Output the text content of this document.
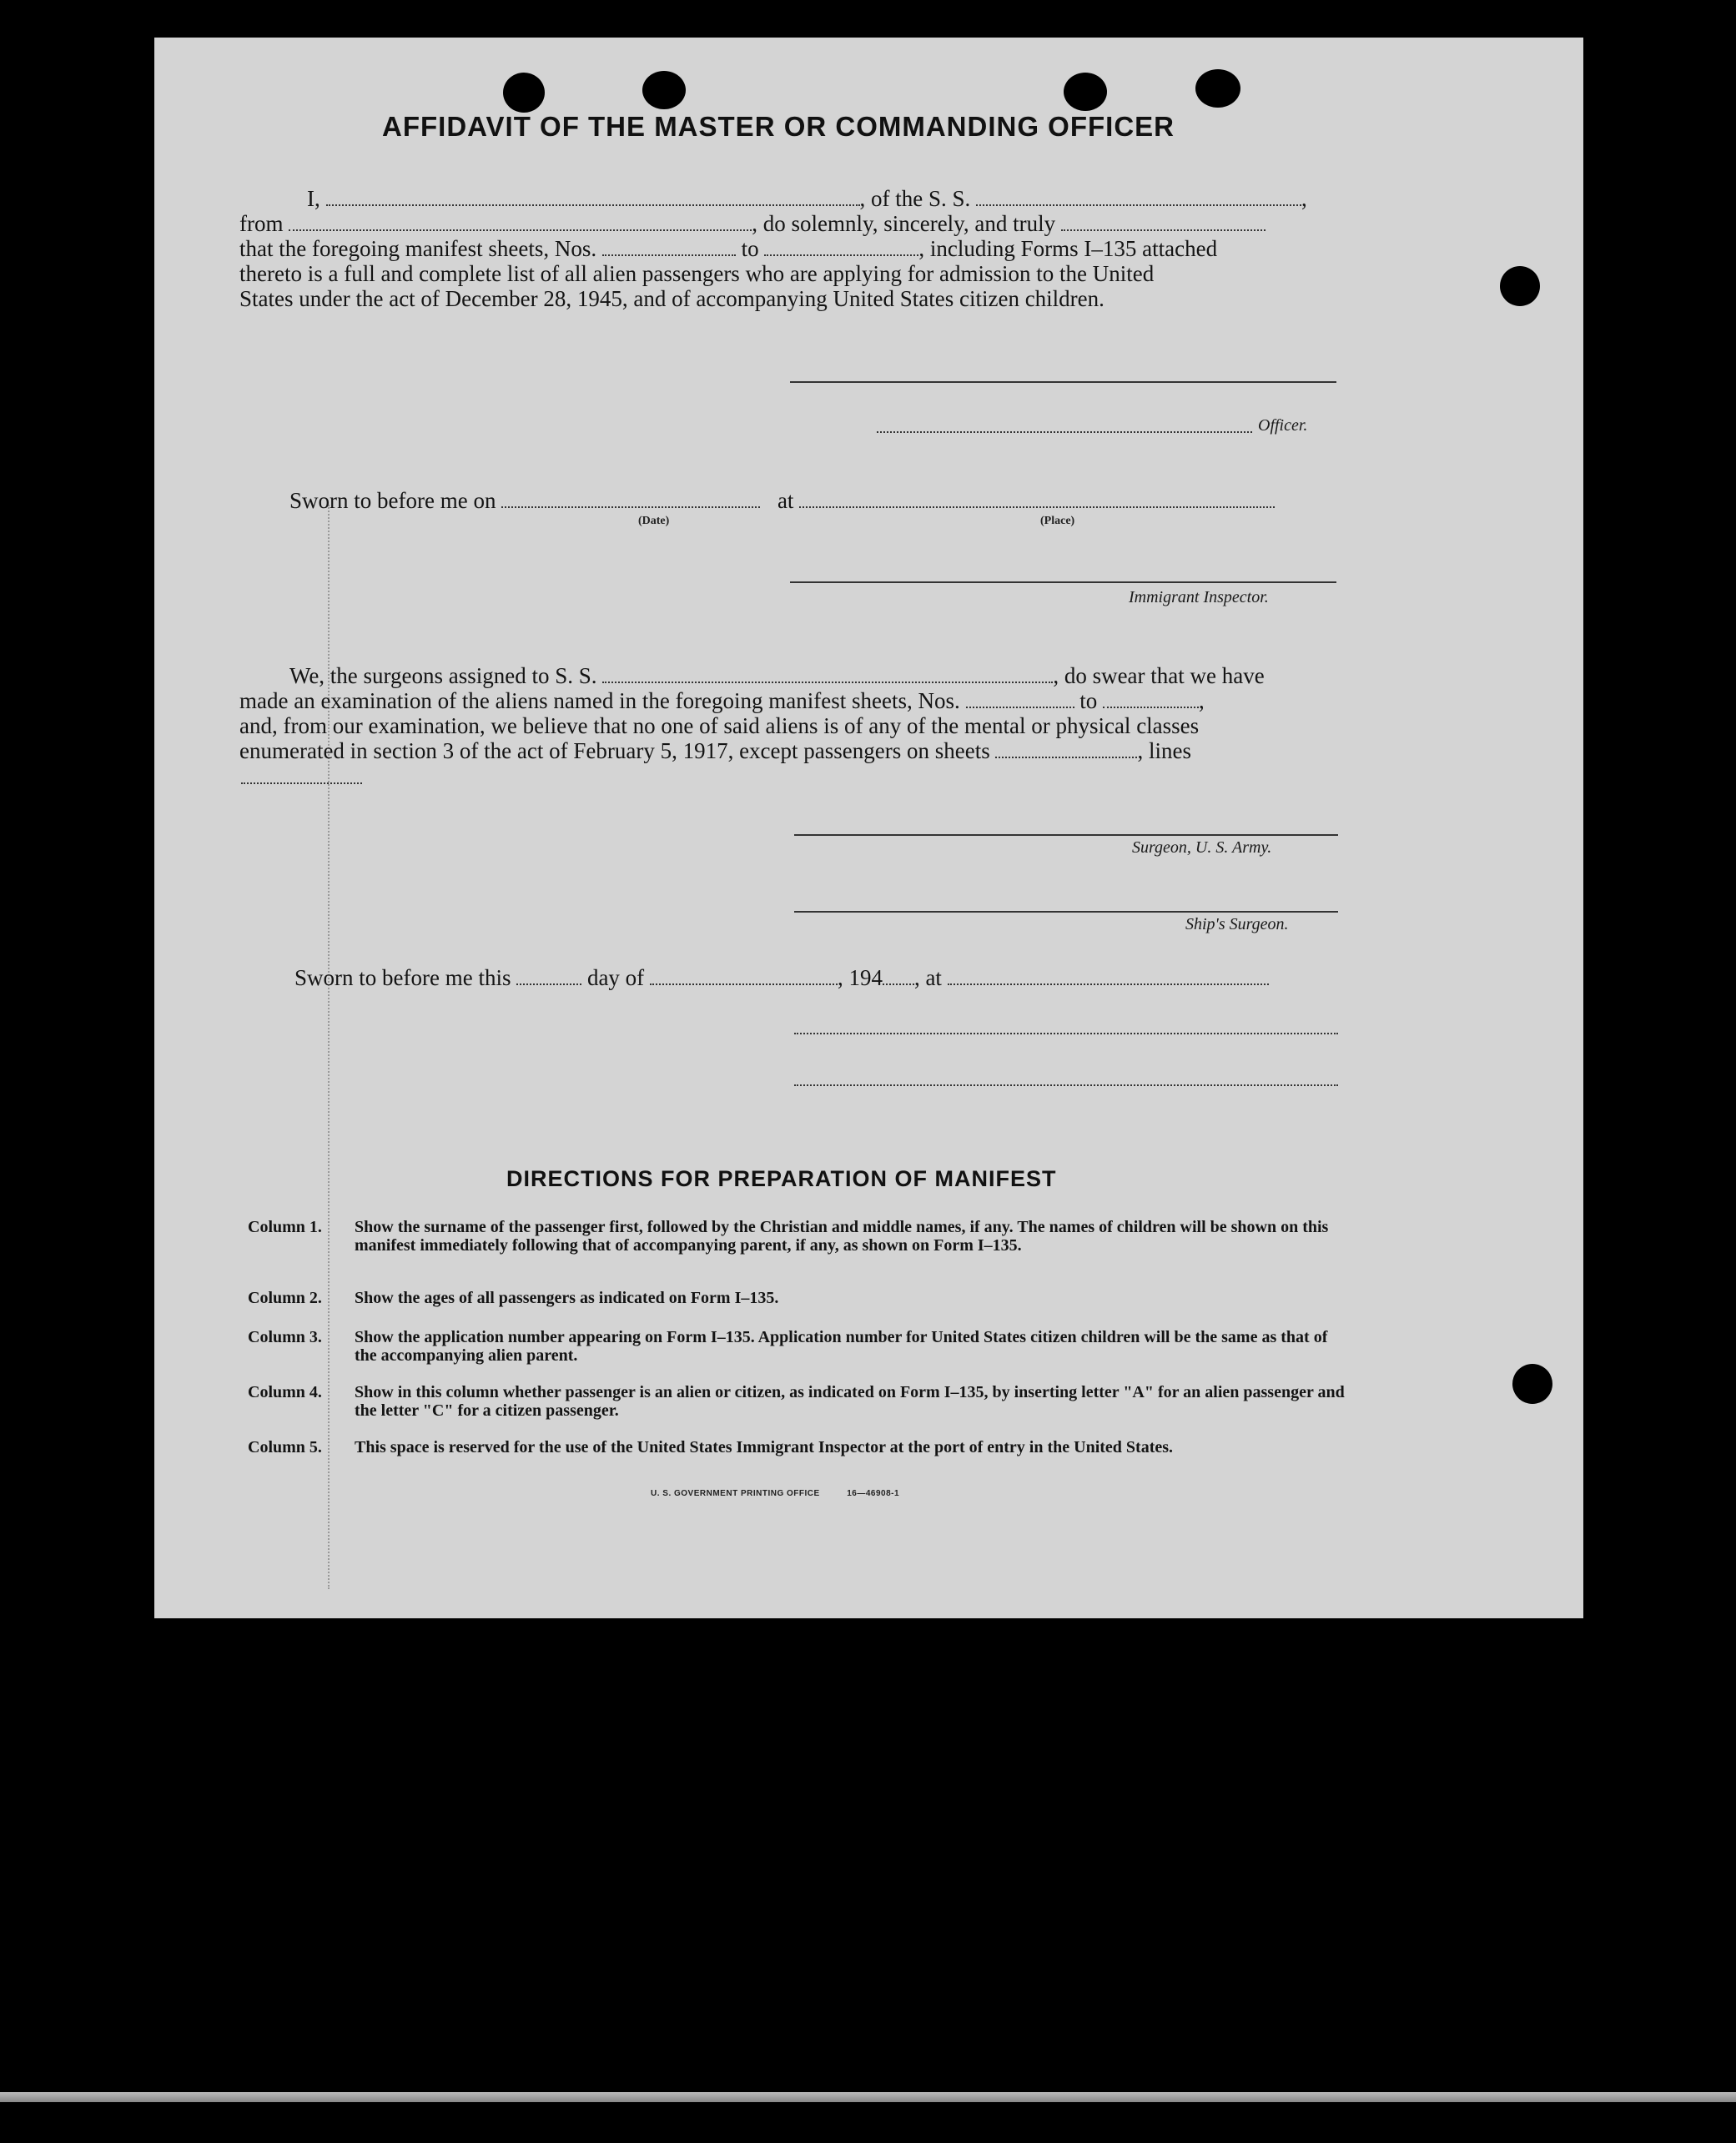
AFFIDAVIT OF THE MASTER OR COMMANDING OFFICER
I,	, of the S. S.	,
from	, do solemnly, sincerely, and truly
that the foregoing manifest sheets, Nos.	to	, including Forms I–135 attached
thereto is a full and complete list of all alien passengers who are applying for admission to the United
States under the act of December 28, 1945, and of accompanying United States citizen children.
Officer.
Sworn to before me on	at
(Date)	(Place)
Immigrant Inspector.
We, the surgeons assigned to S. S.	, do swear that we have
made an examination of the aliens named in the foregoing manifest sheets, Nos.	to	,
and, from our examination, we believe that no one of said aliens is of any of the mental or physical classes
enumerated in section 3 of the act of February 5, 1917, except passengers on sheets	, lines
Surgeon, U. S. Army.
Ship's Surgeon.
Sworn to before me this	day of	, 194 , at
DIRECTIONS FOR PREPARATION OF MANIFEST
Column 1. Show the surname of the passenger first, followed by the Christian and middle names, if any. The names of children will be shown on this manifest immediately following that of accompanying parent, if any, as shown on Form I–135.
Column 2. Show the ages of all passengers as indicated on Form I–135.
Column 3. Show the application number appearing on Form I–135. Application number for United States citizen children will be the same as that of the accompanying alien parent.
Column 4. Show in this column whether passenger is an alien or citizen, as indicated on Form I–135, by inserting letter "A" for an alien passenger and the letter "C" for a citizen passenger.
Column 5. This space is reserved for the use of the United States Immigrant Inspector at the port of entry in the United States.
U. S. GOVERNMENT PRINTING OFFICE	16—46908-1
